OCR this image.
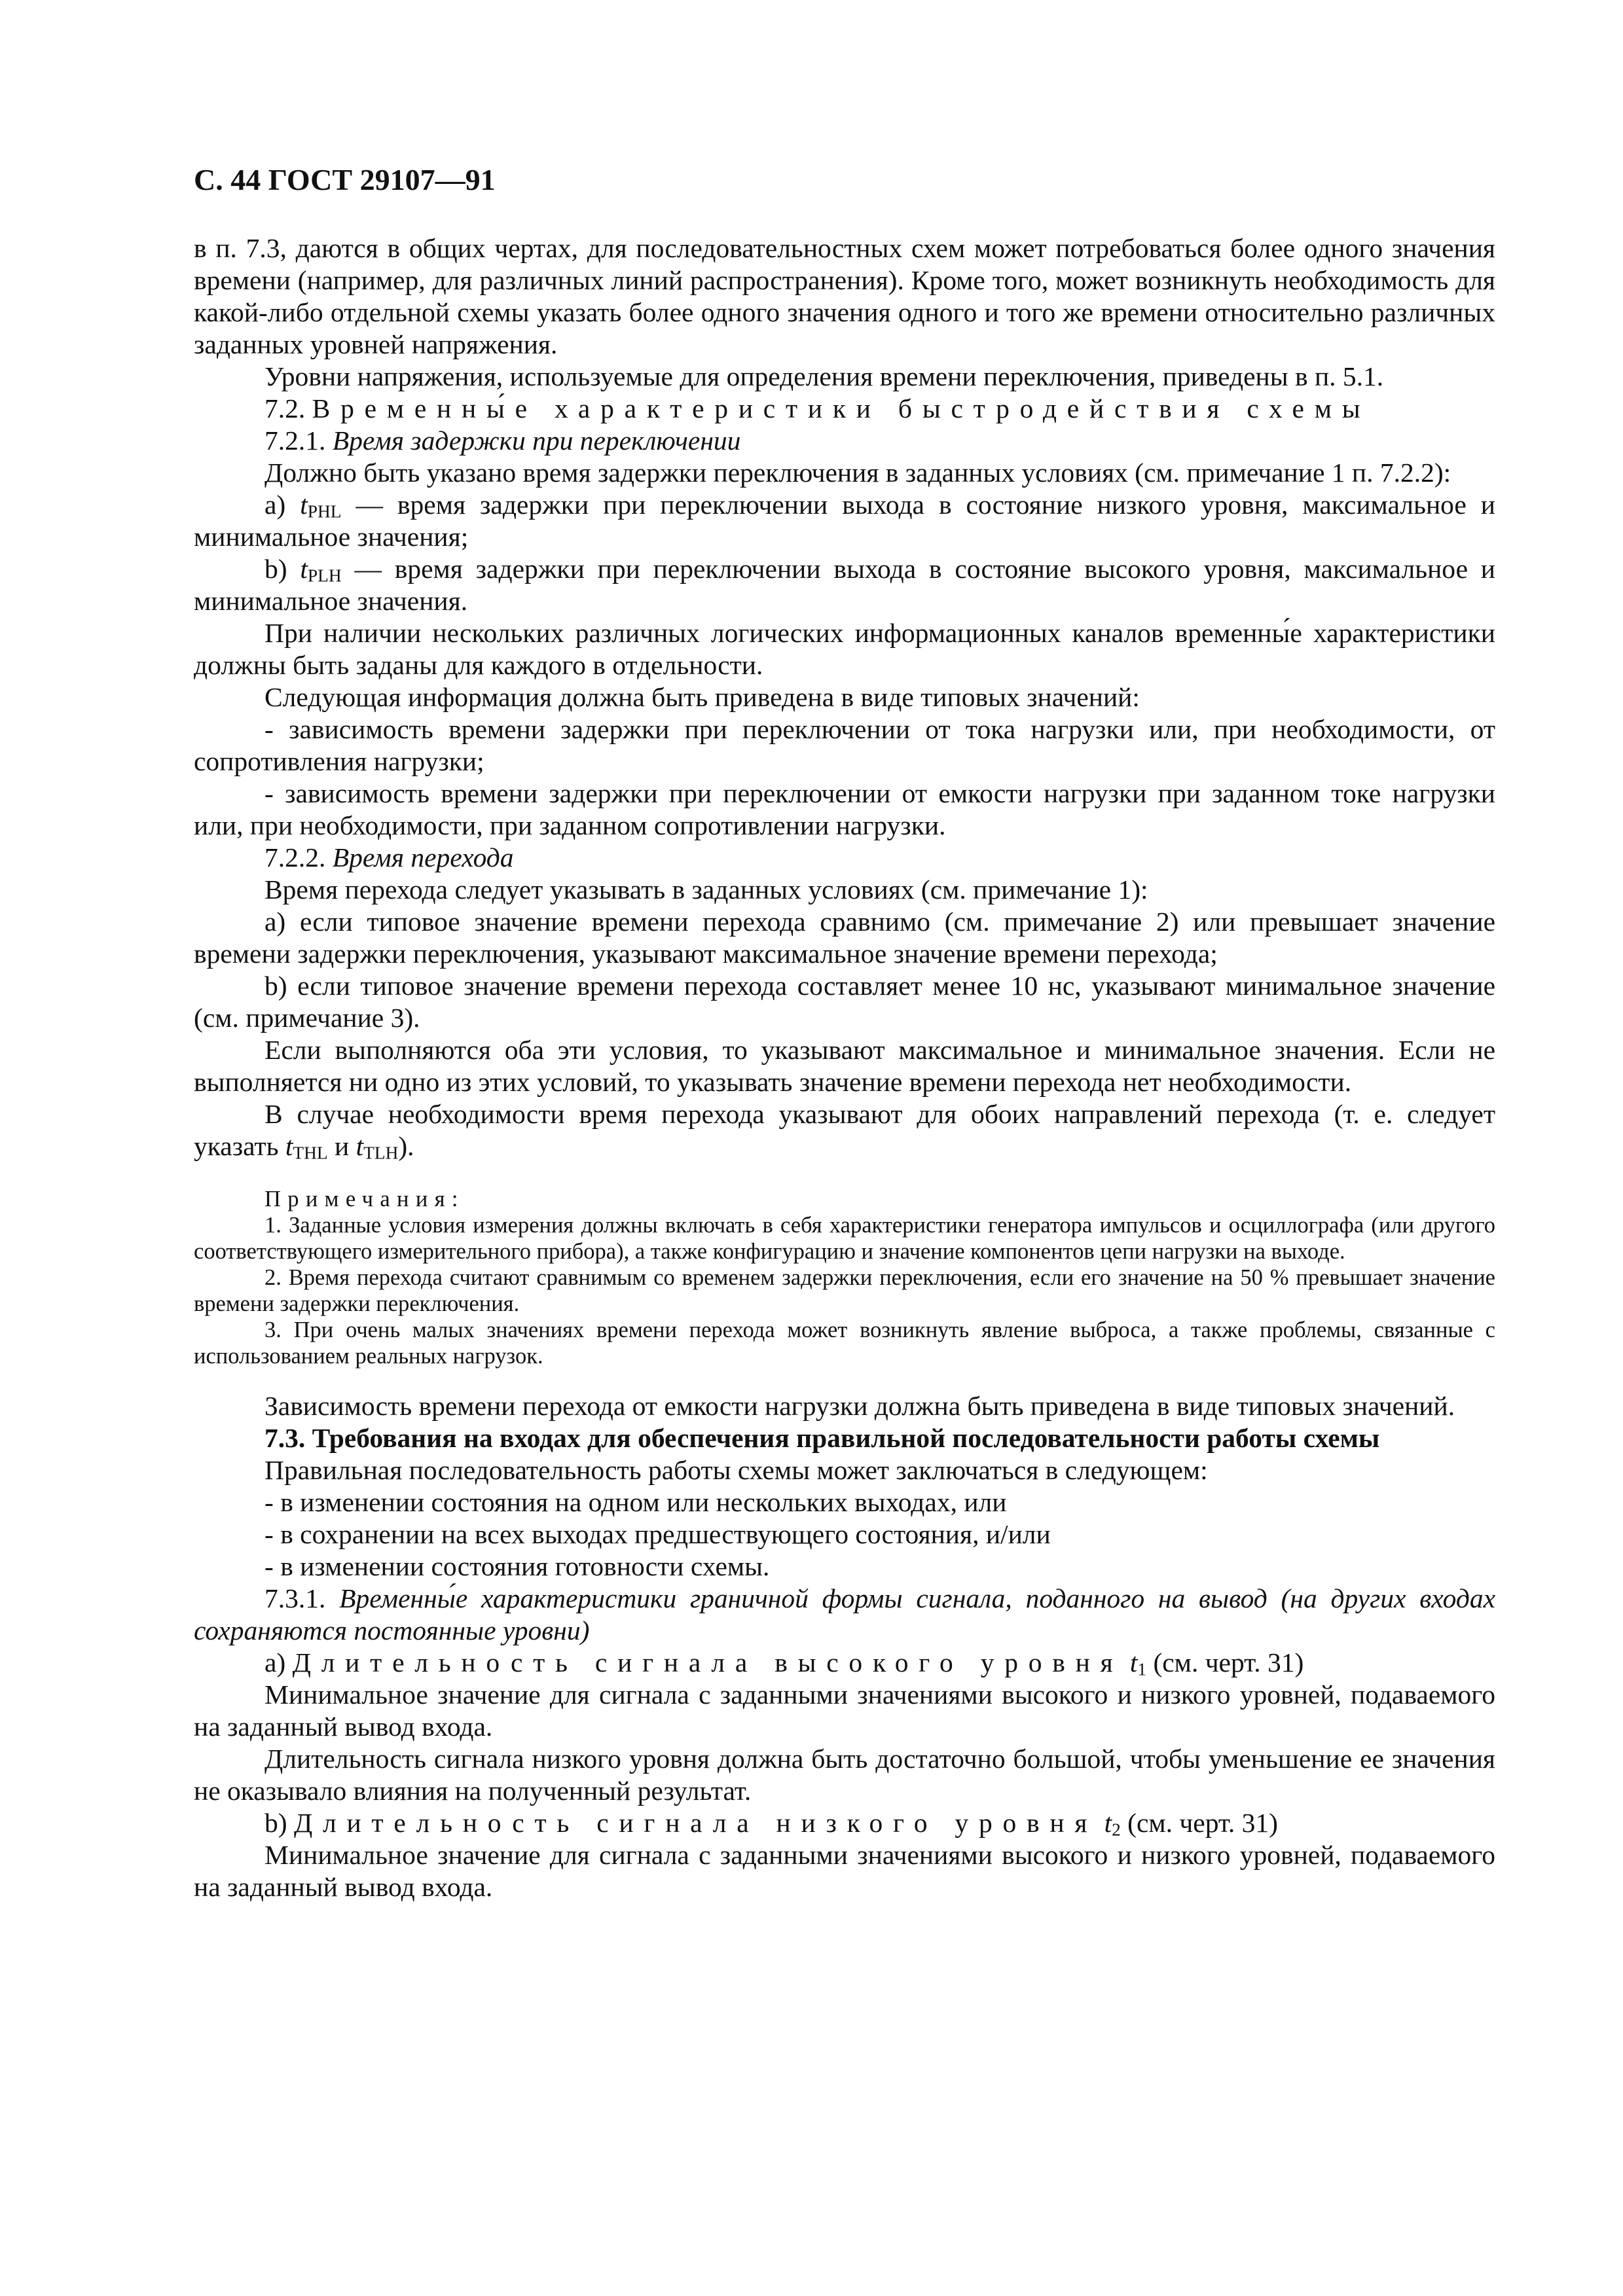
С. 44 ГОСТ 29107—91

в п. 7.3, даются в общих чертах, для последовательностных схем может потребоваться более одного значения времени (например, для различных линий распространения). Кроме того, может возникнуть необходимость для какой-либо отдельной схемы указать более одного значения одного и того же времени относительно различных заданных уровней напряжения.

Уровни напряжения, используемые для определения времени переключения, приведены в п. 5.1.

7.2. Временны́е характеристики быстродействия схемы

7.2.1. Время задержки при переключении

Должно быть указано время задержки переключения в заданных условиях (см. примечание 1 п. 7.2.2):

а) $t_{PHL}$ — время задержки при переключении выхода в состояние низкого уровня, максимальное и минимальное значения;

b) $t_{PLH}$ — время задержки при переключении выхода в состояние высокого уровня, максимальное и минимальное значения.

При наличии нескольких различных логических информационных каналов временны́е характеристики должны быть заданы для каждого в отдельности.

Следующая информация должна быть приведена в виде типовых значений:

- зависимость времени задержки при переключении от тока нагрузки или, при необходимости, от сопротивления нагрузки;

- зависимость времени задержки при переключении от емкости нагрузки при заданном токе нагрузки или, при необходимости, при заданном сопротивлении нагрузки.

7.2.2. Время перехода

Время перехода следует указывать в заданных условиях (см. примечание 1):

а) если типовое значение времени перехода сравнимо (см. примечание 2) или превышает значение времени задержки переключения, указывают максимальное значение времени перехода;

b) если типовое значение времени перехода составляет менее 10 нс, указывают минимальное значение (см. примечание 3).

Если выполняются оба эти условия, то указывают максимальное и минимальное значения. Если не выполняется ни одно из этих условий, то указывать значение времени перехода нет необходимости.

В случае необходимости время перехода указывают для обоих направлений перехода (т. е. следует указать $t_{THL}$ и $t_{TLH}$).

Примечания:

1. Заданные условия измерения должны включать в себя характеристики генератора импульсов и осциллографа (или другого соответствующего измерительного прибора), а также конфигурацию и значение компонентов цепи нагрузки на выходе.

2. Время перехода считают сравнимым со временем задержки переключения, если его значение на 50 % превышает значение времени задержки переключения.

3. При очень малых значениях времени перехода может возникнуть явление выброса, а также проблемы, связанные с использованием реальных нагрузок.

Зависимость времени перехода от емкости нагрузки должна быть приведена в виде типовых значений.

7.3. Требования на входах для обеспечения правильной последовательности работы схемы

Правильная последовательность работы схемы может заключаться в следующем:

- в изменении состояния на одном или нескольких выходах, или

- в сохранении на всех выходах предшествующего состояния, и/или

- в изменении состояния готовности схемы.

7.3.1. Временны́е характеристики граничной формы сигнала, поданного на вывод (на других входах сохраняются постоянные уровни)

а) Длительность сигнала высокого уровня $t_1$ (см. черт. 31)

Минимальное значение для сигнала с заданными значениями высокого и низкого уровней, подаваемого на заданный вывод входа.

Длительность сигнала низкого уровня должна быть достаточно большой, чтобы уменьшение ее значения не оказывало влияния на полученный результат.

b) Длительность сигнала низкого уровня $t_2$ (см. черт. 31)

Минимальное значение для сигнала с заданными значениями высокого и низкого уровней, подаваемого на заданный вывод входа.
